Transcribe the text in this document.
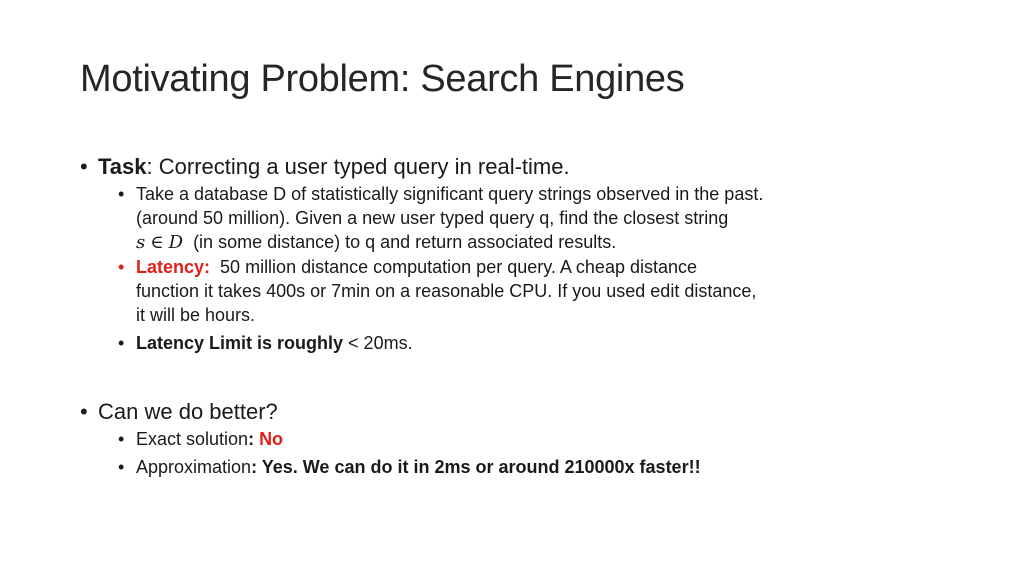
Motivating Problem: Search Engines
• Task: Correcting a user typed query in real-time.
• Take a database D of statistically significant query strings observed in the past.
(around 50 million). Given a new user typed query q, find the closest string
s ∈ D (in some distance) to q and return associated results.
• Latency: 50 million distance computation per query. A cheap distance
function it takes 400s or 7min on a reasonable CPU. If you used edit distance,
it will be hours.
• Latency Limit is roughly < 20ms.
• Can we do better?
• Exact solution: No
• Approximation: Yes. We can do it in 2ms or around 210000x faster!!
